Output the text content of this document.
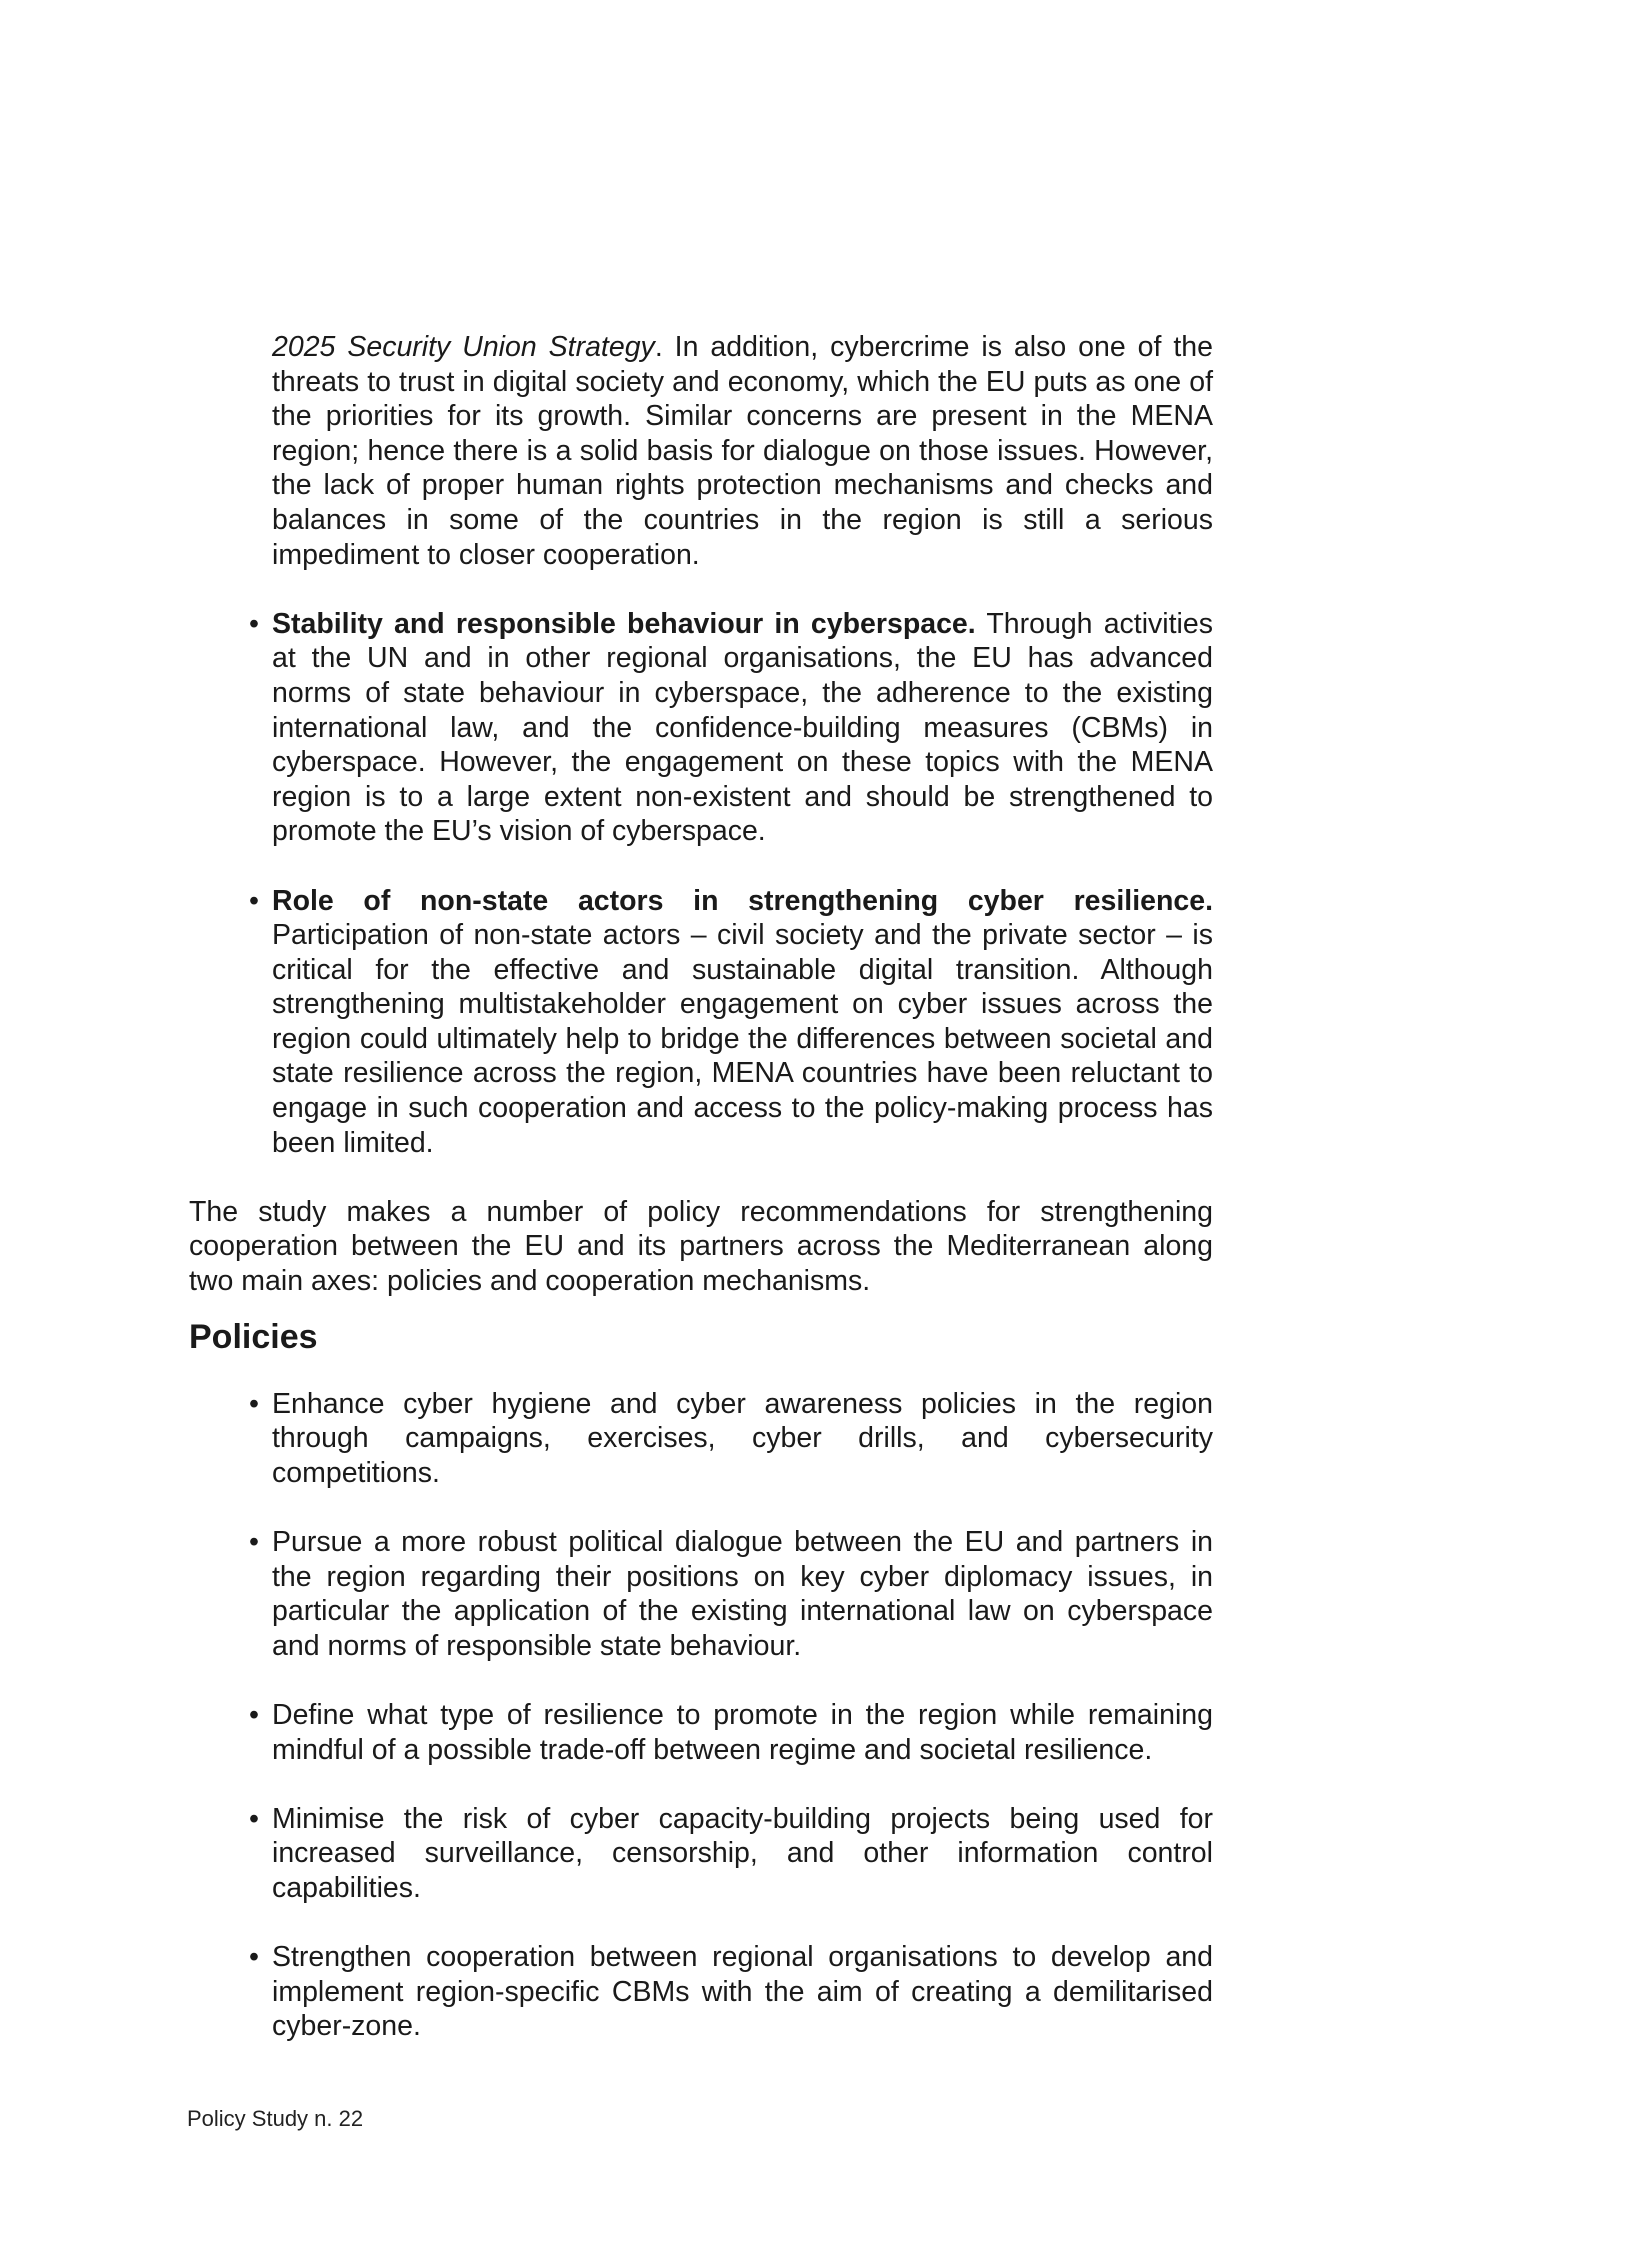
2025 Security Union Strategy. In addition, cybercrime is also one of the threats to trust in digital society and economy, which the EU puts as one of the priorities for its growth. Similar concerns are present in the MENA region; hence there is a solid basis for dialogue on those issues. However, the lack of proper human rights protection mechanisms and checks and balances in some of the countries in the region is still a serious impediment to closer cooperation.

• Stability and responsible behaviour in cyberspace. Through activities at the UN and in other regional organisations, the EU has advanced norms of state behaviour in cyberspace, the adherence to the existing international law, and the confidence-building measures (CBMs) in cyberspace. However, the engagement on these topics with the MENA region is to a large extent non-existent and should be strengthened to promote the EU’s vision of cyberspace.

• Role of non-state actors in strengthening cyber resilience. Participation of non-state actors – civil society and the private sector – is critical for the effective and sustainable digital transition. Although strengthening multistakeholder engagement on cyber issues across the region could ultimately help to bridge the differences between societal and state resilience across the region, MENA countries have been reluctant to engage in such cooperation and access to the policy-making process has been limited.

The study makes a number of policy recommendations for strengthening cooperation between the EU and its partners across the Mediterranean along two main axes: policies and cooperation mechanisms.

Policies

• Enhance cyber hygiene and cyber awareness policies in the region through campaigns, exercises, cyber drills, and cybersecurity competitions.

• Pursue a more robust political dialogue between the EU and partners in the region regarding their positions on key cyber diplomacy issues, in particular the application of the existing international law on cyberspace and norms of responsible state behaviour.

• Define what type of resilience to promote in the region while remaining mindful of a possible trade-off between regime and societal resilience.

• Minimise the risk of cyber capacity-building projects being used for increased surveillance, censorship, and other information control capabilities.

• Strengthen cooperation between regional organisations to develop and implement region-specific CBMs with the aim of creating a demilitarised cyber-zone.

Policy Study n. 22
